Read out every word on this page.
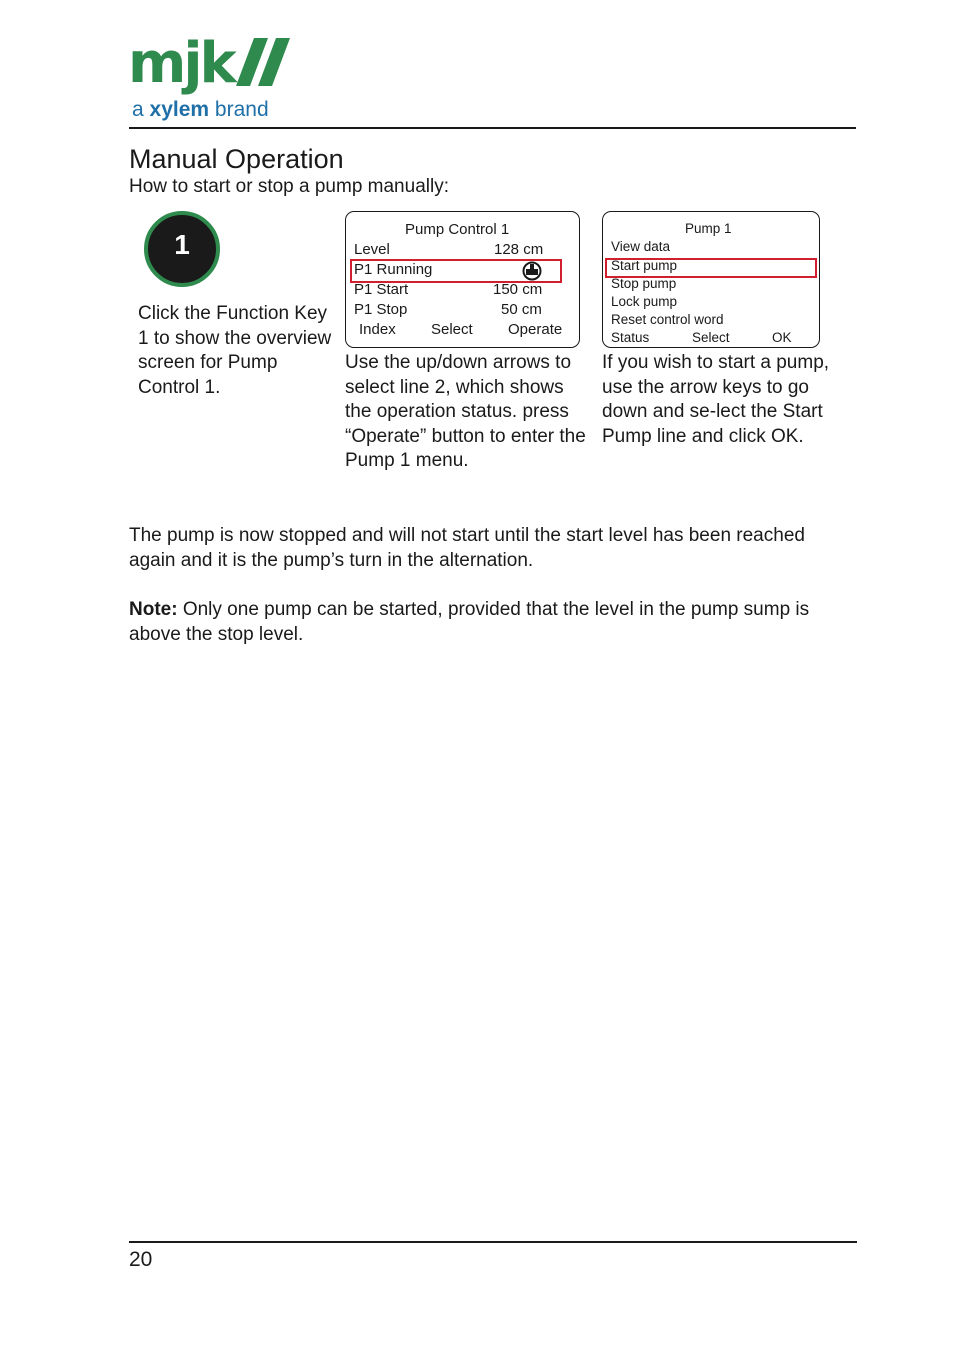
mjk
a xylem brand
Manual Operation
How to start or stop a pump manually:
1
Click the Function Key 1 to show the overview screen for Pump Control 1.
Pump Control 1
Level	128 cm
P1 Running
P1 Start	150 cm
P1 Stop	50 cm
Index Select Operate
Use the up/down arrows to select line 2, which shows the operation status. press “Operate” button to enter the Pump 1 menu.
Pump 1
View data
Start pump
Stop pump
Lock pump
Reset control word
Status	Select	OK
If you wish to start a pump, use the arrow keys to go down and se-lect the Start Pump line and click OK.
The pump is now stopped and will not start until the start level has been reached again and it is the pump’s turn in the alternation.
Note: Only one pump can be started, provided that the level in the pump sump is above the stop level.
20
